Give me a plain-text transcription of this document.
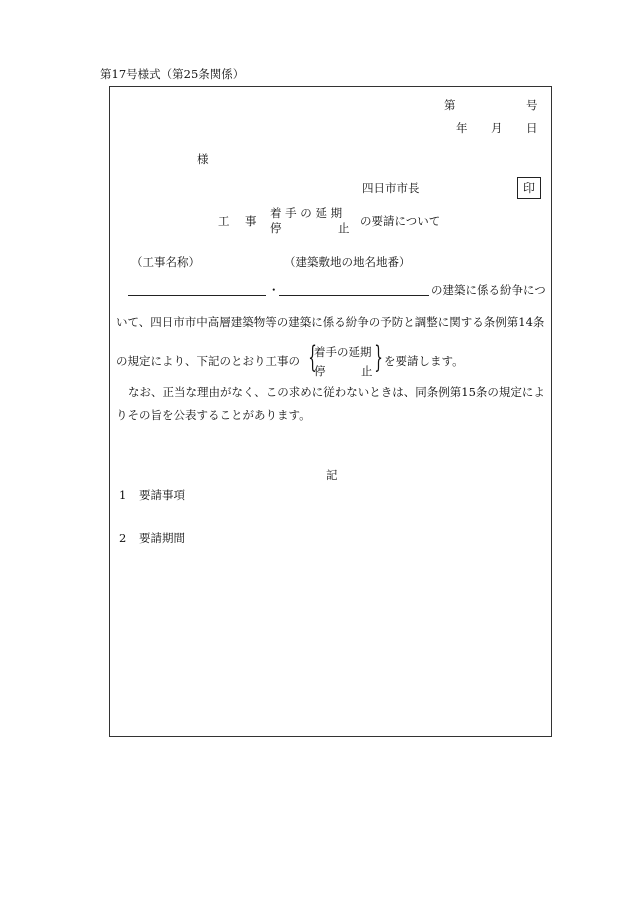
第17号様式（第25条関係）
第	号
年 月 日
様
四日市市長	印
工　事
着 手 の 延 期
停	止 の要請について
（工事名称）	（建築敷地の地名地番）
・	の建築に係る紛争につ
いて、四日市市中高層建築物等の建築に係る紛争の予防と調整に関する条例第14条
の規定により、下記のとおり工事の {
着手の延期
停	止 } を要請します。
なお、正当な理由がなく、この求めに従わないときは、同条例第15条の規定によ
りその旨を公表することがあります。
記
1 要請事項
2 要請期間
